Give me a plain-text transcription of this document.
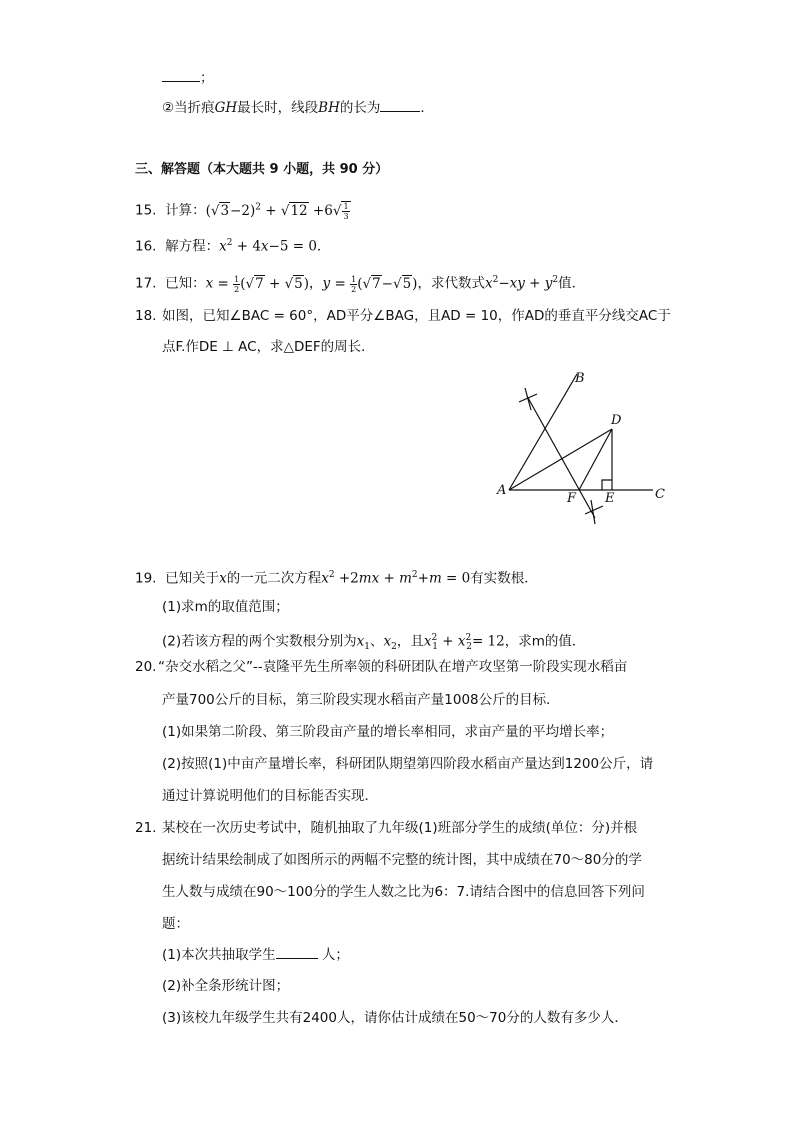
；
②当折痕GH最长时，线段BH的长为	．
三、解答题（本大题共 9 小题，共 90 分）
15. 计算：$(√3-2)^2 + √12 +6√ \frac{1}{3}$
16. 解方程：$x^2 + 4x-5 = 0$．
17. 已知：$x = \frac{1}{2} (√7 + √5)$，$y = \frac{1}{2} (√7-√5)$，求代数式$x^2-xy + y^2$值．
18. 如图，已知∠BAC = 60°，AD平分∠BAG，且AD = 10，作AD的垂直平分线交AC于
点F.作DE ⊥ AC，求△DEF的周长．
A
B
C
D
E
F
19. 已知关于x的一元二次方程$x^2 +2mx + m^2+m = 0$有实数根．
(1)求m的取值范围；
(2)若该方程的两个实数根分别为$x_1$、$x_2$，且$x^2_1 + x^2_2= 12$，求m的值．
20. “杂交水稻之父”--袁隆平先生所率领的科研团队在增产攻坚第一阶段实现水稻亩
产量700公斤的目标，第三阶段实现水稻亩产量1008公斤的目标．
(1)如果第二阶段、第三阶段亩产量的增长率相同，求亩产量的平均增长率；
(2)按照(1)中亩产量增长率，科研团队期望第四阶段水稻亩产量达到1200公斤，请
通过计算说明他们的目标能否实现．
21. 某校在一次历史考试中，随机抽取了九年级(1)班部分学生的成绩(单位：分)并根
据统计结果绘制成了如图所示的两幅不完整的统计图，其中成绩在70～80分的学
生人数与成绩在90～100分的学生人数之比为6：7.请结合图中的信息回答下列问
题：
(1)本次共抽取学生	人；
(2)补全条形统计图；
(3)该校九年级学生共有2400人，请你估计成绩在50～70分的人数有多少人．
